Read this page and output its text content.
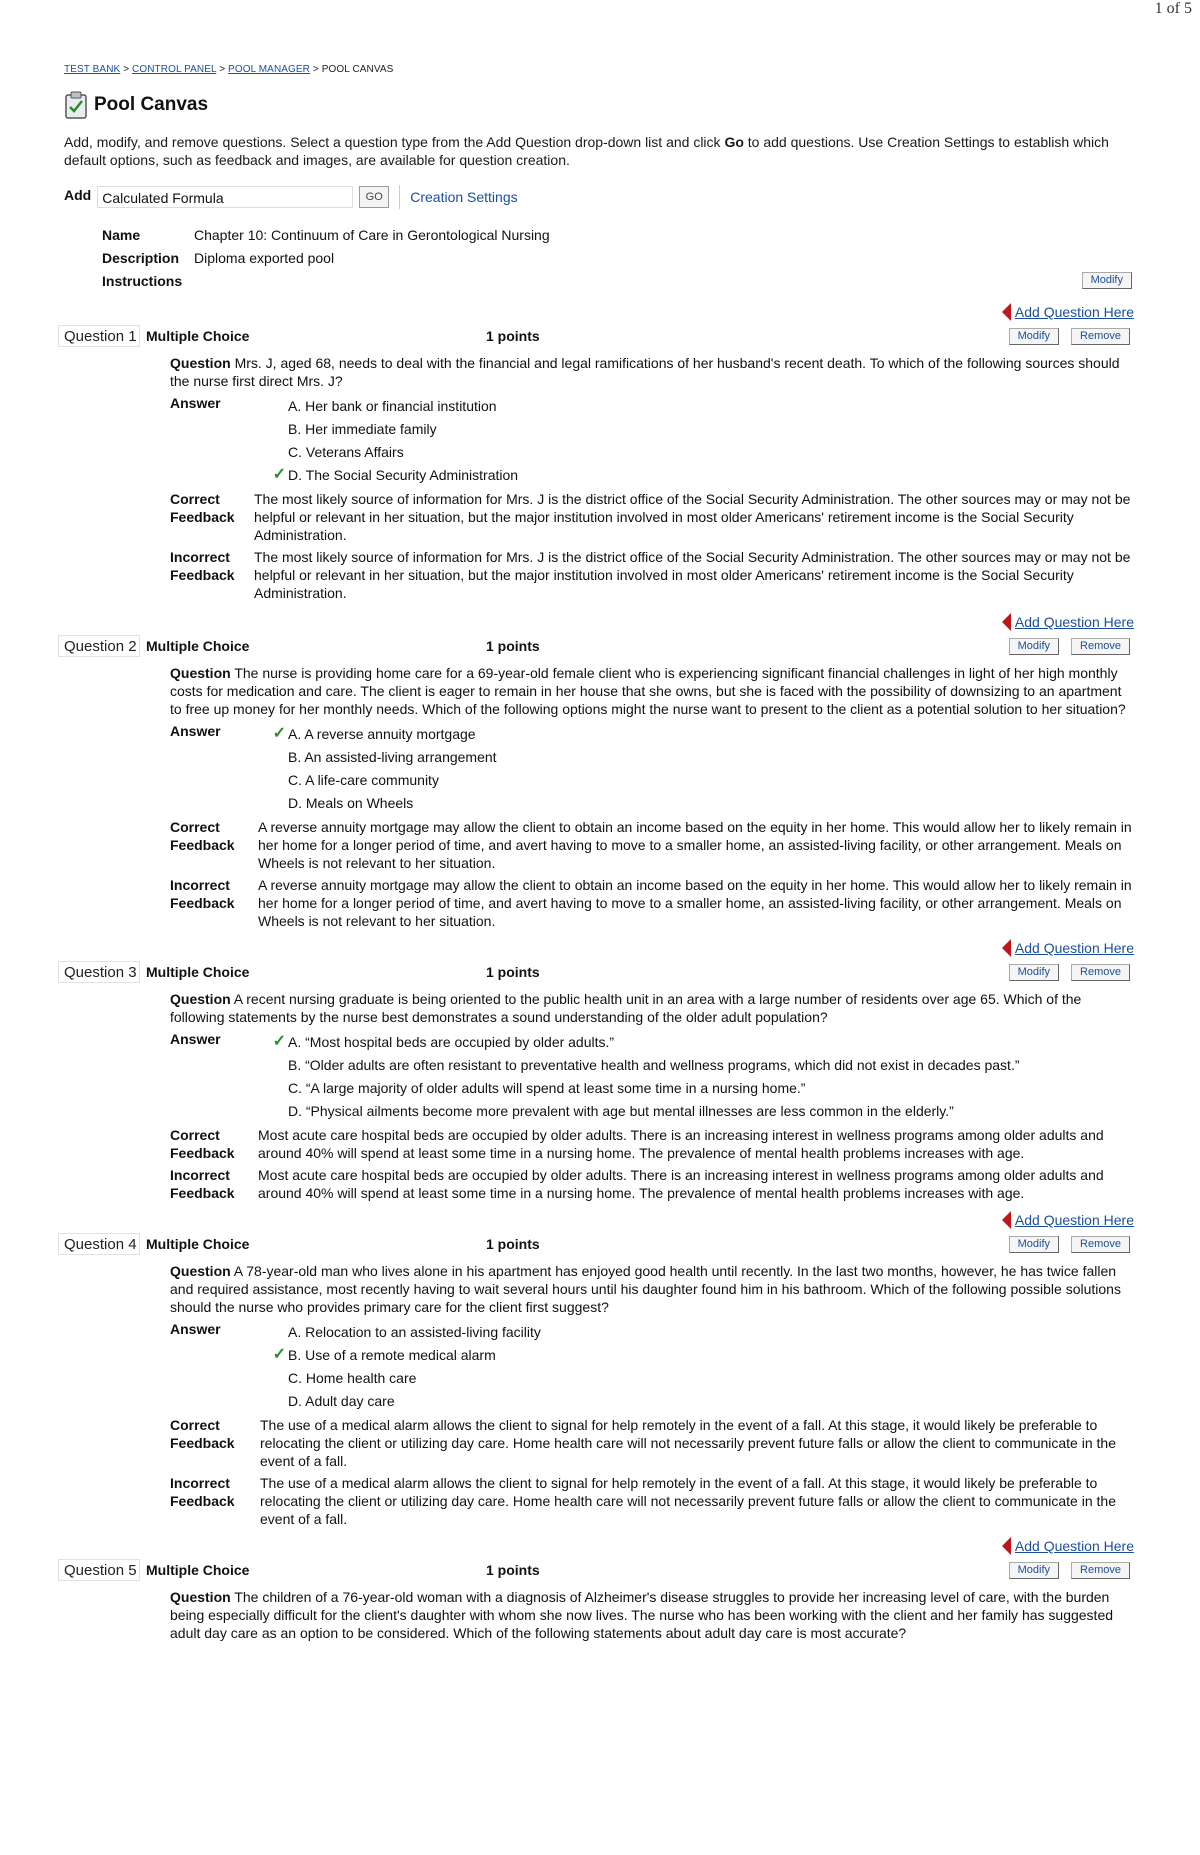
1 of 5
TEST BANK > CONTROL PANEL > POOL MANAGER > POOL CANVAS
Pool Canvas
Add, modify, and remove questions. Select a question type from the Add Question drop-down list and click Go to add questions. Use Creation Settings to establish which default options, such as feedback and images, are available for question creation.
Add Calculated Formula	GO	Creation Settings
Name	Chapter 10: Continuum of Care in Gerontological Nursing
Description	Diploma exported pool
Instructions	Modify
Add Question Here
Question 1 Multiple Choice	1 points	Modify	Remove
Question Mrs. J, aged 68, needs to deal with the financial and legal ramifications of her husband's recent death. To which of the following sources should the nurse first direct Mrs. J?
Answer	A. Her bank or financial institution
B. Her immediate family
C. Veterans Affairs
✓ D. The Social Security Administration
Correct
Feedback
The most likely source of information for Mrs. J is the district office of the Social Security Administration. The other sources may or may not be helpful or relevant in her situation, but the major institution involved in most older Americans' retirement income is the Social Security Administration.
Incorrect
Feedback
The most likely source of information for Mrs. J is the district office of the Social Security Administration. The other sources may or may not be helpful or relevant in her situation, but the major institution involved in most older Americans' retirement income is the Social Security Administration.
Add Question Here
Question 2 Multiple Choice	1 points	Modify	Remove
Question The nurse is providing home care for a 69-year-old female client who is experiencing significant financial challenges in light of her high monthly costs for medication and care. The client is eager to remain in her house that she owns, but she is faced with the possibility of downsizing to an apartment to free up money for her monthly needs. Which of the following options might the nurse want to present to the client as a potential solution to her situation?
Answer	✓ A. A reverse annuity mortgage
B. An assisted-living arrangement
C. A life-care community
D. Meals on Wheels
Correct
Feedback
A reverse annuity mortgage may allow the client to obtain an income based on the equity in her home. This would allow her to likely remain in her home for a longer period of time, and avert having to move to a smaller home, an assisted-living facility, or other arrangement. Meals on Wheels is not relevant to her situation.
Incorrect
Feedback
A reverse annuity mortgage may allow the client to obtain an income based on the equity in her home. This would allow her to likely remain in her home for a longer period of time, and avert having to move to a smaller home, an assisted-living facility, or other arrangement. Meals on Wheels is not relevant to her situation.
Add Question Here
Question 3 Multiple Choice	1 points	Modify	Remove
Question A recent nursing graduate is being oriented to the public health unit in an area with a large number of residents over age 65. Which of the following statements by the nurse best demonstrates a sound understanding of the older adult population?
Answer	✓ A. “Most hospital beds are occupied by older adults.”
B. “Older adults are often resistant to preventative health and wellness programs, which did not exist in decades past.”
C. “A large majority of older adults will spend at least some time in a nursing home.”
D. “Physical ailments become more prevalent with age but mental illnesses are less common in the elderly.”
Correct
Feedback
Most acute care hospital beds are occupied by older adults. There is an increasing interest in wellness programs among older adults and around 40% will spend at least some time in a nursing home. The prevalence of mental health problems increases with age.
Incorrect
Feedback
Most acute care hospital beds are occupied by older adults. There is an increasing interest in wellness programs among older adults and around 40% will spend at least some time in a nursing home. The prevalence of mental health problems increases with age.
Add Question Here
Question 4 Multiple Choice	1 points	Modify	Remove
Question A 78-year-old man who lives alone in his apartment has enjoyed good health until recently. In the last two months, however, he has twice fallen and required assistance, most recently having to wait several hours until his daughter found him in his bathroom. Which of the following possible solutions should the nurse who provides primary care for the client first suggest?
Answer	A. Relocation to an assisted-living facility
✓ B. Use of a remote medical alarm
C. Home health care
D. Adult day care
Correct
Feedback
The use of a medical alarm allows the client to signal for help remotely in the event of a fall. At this stage, it would likely be preferable to relocating the client or utilizing day care. Home health care will not necessarily prevent future falls or allow the client to communicate in the event of a fall.
Incorrect
Feedback
The use of a medical alarm allows the client to signal for help remotely in the event of a fall. At this stage, it would likely be preferable to relocating the client or utilizing day care. Home health care will not necessarily prevent future falls or allow the client to communicate in the event of a fall.
Add Question Here
Question 5 Multiple Choice	1 points	Modify	Remove
Question The children of a 76-year-old woman with a diagnosis of Alzheimer's disease struggles to provide her increasing level of care, with the burden being especially difficult for the client's daughter with whom she now lives. The nurse who has been working with the client and her family has suggested adult day care as an option to be considered. Which of the following statements about adult day care is most accurate?
